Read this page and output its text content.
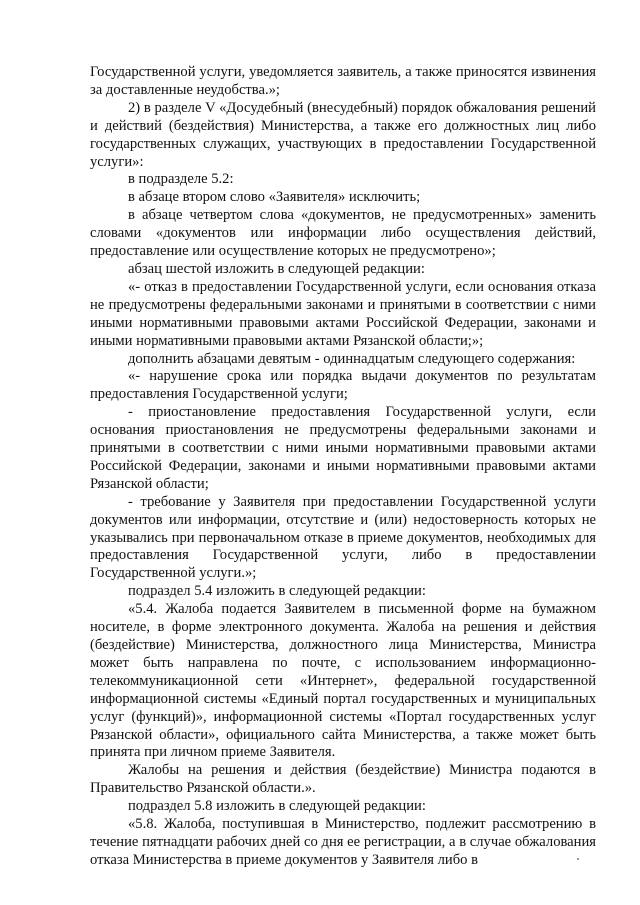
Государственной услуги, уведомляется заявитель, а также приносятся извинения за доставленные неудобства.»;

2) в разделе V «Досудебный (внесудебный) порядок обжалования решений и действий (бездействия) Министерства, а также его должностных лиц либо государственных служащих, участвующих в предоставлении Государственной услуги»:

в подразделе 5.2:

в абзаце втором слово «Заявителя» исключить;

в абзаце четвертом слова «документов, не предусмотренных» заменить словами «документов или информации либо осуществления действий, предоставление или осуществление которых не предусмотрено»;

абзац шестой изложить в следующей редакции:

«- отказ в предоставлении Государственной услуги, если основания отказа не предусмотрены федеральными законами и принятыми в соответствии с ними иными нормативными правовыми актами Российской Федерации, законами и иными нормативными правовыми актами Рязанской области;»;

дополнить абзацами девятым - одиннадцатым следующего содержания:

«- нарушение срока или порядка выдачи документов по результатам предоставления Государственной услуги;

- приостановление предоставления Государственной услуги, если основания приостановления не предусмотрены федеральными законами и принятыми в соответствии с ними иными нормативными правовыми актами Российской Федерации, законами и иными нормативными правовыми актами Рязанской области;

- требование у Заявителя при предоставлении Государственной услуги документов или информации, отсутствие и (или) недостоверность которых не указывались при первоначальном отказе в приеме документов, необходимых для предоставления Государственной услуги, либо в предоставлении Государственной услуги.»;

подраздел 5.4 изложить в следующей редакции:

«5.4. Жалоба подается Заявителем в письменной форме на бумажном носителе, в форме электронного документа. Жалоба на решения и действия (бездействие) Министерства, должностного лица Министерства, Министра может быть направлена по почте, с использованием информационно-телекоммуникационной сети «Интернет», федеральной государственной информационной системы «Единый портал государственных и муниципальных услуг (функций)», информационной системы «Портал государственных услуг Рязанской области», официального сайта Министерства, а также может быть принята при личном приеме Заявителя.

Жалобы на решения и действия (бездействие) Министра подаются в Правительство Рязанской области.».

подраздел 5.8 изложить в следующей редакции:

«5.8. Жалоба, поступившая в Министерство, подлежит рассмотрению в течение пятнадцати рабочих дней со дня ее регистрации, а в случае обжалования отказа Министерства в приеме документов у Заявителя либо в
